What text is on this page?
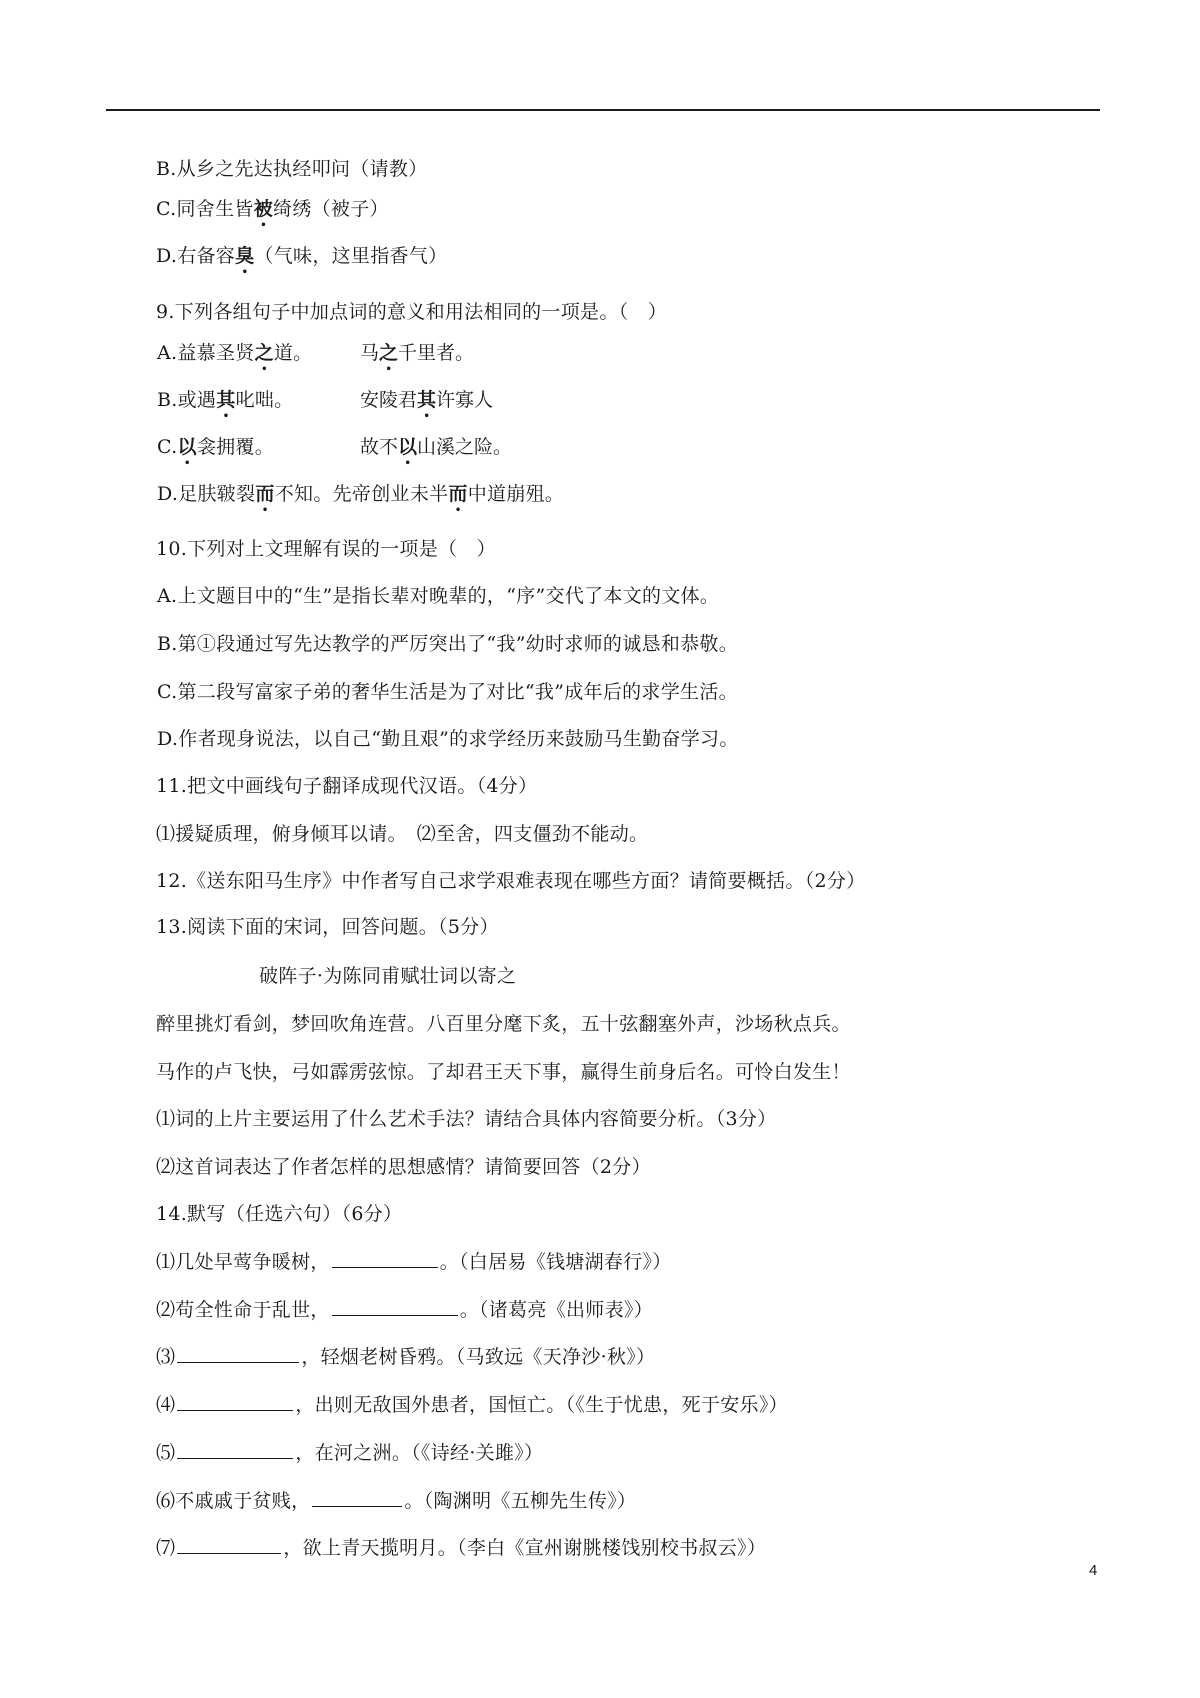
B.从乡之先达执经叩问（请教）
C.同舍生皆被绮绣（被子）
D.右备容臭（气味，这里指香气）
9.下列各组句子中加点词的意义和用法相同的一项是。（　）
A.益慕圣贤之道。	马之千里者。
B.或遇其叱咄。	安陵君其许寡人
C.以衾拥覆。	故不以山溪之险。
D.足肤皲裂而不知。先帝创业未半而中道崩殂。
10.下列对上文理解有误的一项是（　）
A.上文题目中的“生”是指长辈对晚辈的，“序”交代了本文的文体。
B.第①段通过写先达教学的严厉突出了“我”幼时求师的诚恳和恭敬。
C.第二段写富家子弟的奢华生活是为了对比“我”成年后的求学生活。
D.作者现身说法，以自己“勤且艰”的求学经历来鼓励马生勤奋学习。
11.把文中画线句子翻译成现代汉语。（4分）
⑴援疑质理，俯身倾耳以请。　⑵至舍，四支僵劲不能动。
12.《送东阳马生序》中作者写自己求学艰难表现在哪些方面？请简要概括。（2分）
13.阅读下面的宋词，回答问题。（5分）
破阵子·为陈同甫赋壮词以寄之
醉里挑灯看剑，梦回吹角连营。八百里分麾下炙，五十弦翻塞外声，沙场秋点兵。
马作的卢飞快，弓如霹雳弦惊。了却君王天下事，赢得生前身后名。可怜白发生！
⑴词的上片主要运用了什么艺术手法？请结合具体内容简要分析。（3分）
⑵这首词表达了作者怎样的思想感情？请简要回答（2分）
14.默写（任选六句）（6分）
⑴几处早莺争暖树，	。（白居易《钱塘湖春行》）
⑵苟全性命于乱世，	。（诸葛亮《出师表》）
⑶	，轻烟老树昏鸦。（马致远《天净沙·秋》）
⑷	，出则无敌国外患者，国恒亡。（《生于忧患，死于安乐》）
⑸	，在河之洲。（《诗经·关雎》）
⑹不戚戚于贫贱，	。（陶渊明《五柳先生传》）
⑺	，欲上青天揽明月。（李白《宣州谢朓楼饯别校书叔云》）
4
